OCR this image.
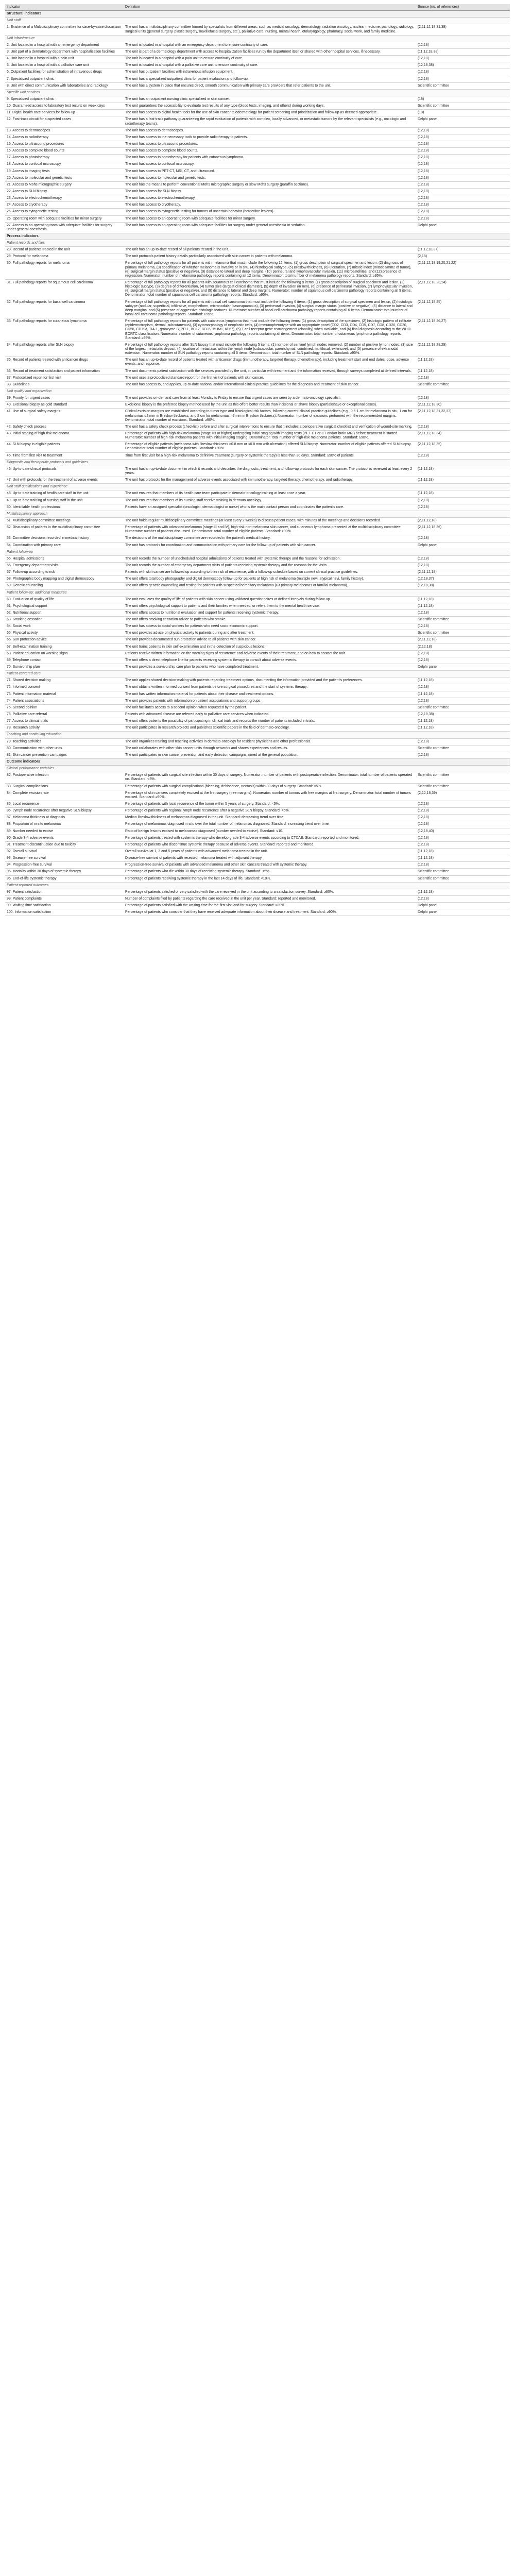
Indicator	Definition	Source (no. of references)
Structural indicators		
Unit staff		
1. Existence of a Multidisciplinary committee for case-by-case discussion	The unit has a multidisciplinary committee formed by specialists from different areas, such as medical oncology, dermatology, radiation oncology, nuclear medicine, pathology, radiology, surgical units (general surgery, plastic surgery, maxillofacial surgery, etc.), palliative care, nursing, mental health, otolaryngology, pharmacy, social work, and family medicine.	(2,11,12,18,31,38)
Unit infrastructure		
2. Unit located in a hospital with an emergency department	The unit is located in a hospital with an emergency department to ensure continuity of care.	(12,18)
3. Unit part of a dermatology department with hospitalization facilities	The unit is part of a dermatology department with access to hospitalization facilities run by the department itself or shared with other hospital services, if necessary.	(11,12,18,38)
4. Unit located in a hospital with a pain unit	The unit is located in a hospital with a pain unit to ensure continuity of care.	(12,18)
5. Unit located in a hospital with a palliative care unit	The unit is located in a hospital with a palliative care unit to ensure continuity of care.	(12,18,38)
6. Outpatient facilities for administration of intravenous drugs	The unit has outpatient facilities with intravenous infusion equipment.	(12,18)
7. Specialized outpatient clinic	The unit has a specialized outpatient clinic for patient evaluation and follow-up.	(12,18)
8. Unit with direct communication with laboratories and radiology	The unit has a system in place that ensures direct, smooth communication with primary care providers that refer patients to the unit.	Scientific committee
Specific unit services		
9. Specialized outpatient clinic	The unit has an outpatient nursing clinic specialized in skin cancer.	(18)
10. Guaranteed access to laboratory test results on week days	The unit guarantees the accessibility to evaluate test results of any type (blood tests, imaging, and others) during working days.	Scientific committee
11. Digital health care services for follow-up	The unit has access to digital health tools for the use of skin cancer teledermatology for patient screening and prioritization and follow-up as deemed appropriate.	(18)
12. Fast-track circuit for suspected cases	The unit has a fast-track pathway guaranteeing the rapid evaluation of patients with complex, locally advanced, or metastatic tumors by the relevant specialists (e.g., oncologic and radiotherapy teams).	Delphi panel
13. Access to dermoscopes	The unit has access to dermoscopes.	(12,18)
14. Access to radiotherapy	The unit has access to the necessary tools to provide radiotherapy to patients.	(12,18)
15. Access to ultrasound procedures	The unit has access to ultrasound procedures.	(12,18)
16. Access to complete blood counts	The unit has access to complete blood counts.	(12,18)
17. Access to phototherapy	The unit has access to phototherapy for patients with cutaneous lymphoma.	(12,18)
18. Access to confocal microscopy	The unit has access to confocal microscopy.	(12,18)
19. Access to imaging tests	The unit has access to PET-CT, MRI, CT, and ultrasound.	(12,18)
20. Access to molecular and genetic tests	The unit has access to molecular and genetic tests.	(12,18)
21. Access to Mohs micrographic surgery	The unit has the means to perform conventional Mohs micrographic surgery or slow Mohs surgery (paraffin sections).	(12,18)
22. Access to SLN biopsy	The unit has access for SLN biopsy.	(12,18)
23. Access to electrochemotherapy	The unit has access to electrochemotherapy.	(12,18)
24. Access to cryotherapy	The unit has access to cryotherapy.	(12,18)
25. Access to cytogenetic testing	The unit has access to cytogenetic testing for tumors of uncertain behavior (borderline lesions).	(12,18)
26. Operating room with adequate facilities for minor surgery	The unit has access to an operating room with adequate facilities for minor surgery.	(12,18)
27. Access to an operating room with adequate facilities for surgery under general anesthesia	The unit has access to an operating room with adequate facilities for surgery under general anesthesia or sedation.	Delphi panel
Process indicators		
Patient records and files		
28. Record of patients treated in the unit	The unit has an up-to-date record of all patients treated in the unit.	(11,12,18,37)
29. Protocol for melanoma	The unit protocols patient history details particularly associated with skin cancer in patients with melanoma.	(2,18)
30. Full pathology reports for melanoma	Percentage of full pathology reports for all patients with melanoma that must include the following 12 items: (1) gross description of surgical specimen and lesion, (2) diagnosis of primary melanoma, (3) specification of whether melanoma is invasive or in situ, (4) histological subtype, (5) Breslow thickness, (6) ulceration, (7) mitotic index (mitoses/mm2 of tumor), (8) surgical margin status (positive or negative), (9) distance to lateral and deep margins, (10) perineural and lymphovascular invasion, (11) microsatellites, and (12) presence of regression. Numerator: number of melanoma pathology reports containing all 12 items. Denominator: total number of melanoma pathology reports. Standard: ≥95%.	(2,11,12,18,19,20,21,22)
31. Full pathology reports for squamous cell carcinoma	Percentage of full pathology reports for all patients with squamous cell carcinoma that must include the following 9 items: (1) gross description of surgical specimen and lesion, (2) histologic subtype, (3) degree of differentiation, (4) tumor size (largest clinical diameter), (5) depth of invasion (in mm), (6) presence of perineural invasion, (7) lymphovascular invasion, (8) surgical margin status (positive or negative), and (9) distance to lateral and deep margins. Numerator: number of squamous cell carcinoma pathology reports containing all 9 items. Denominator: total number of squamous cell carcinoma pathology reports. Standard: ≥95%.	(2,11,12,18,23,24)
32. Full pathology reports for basal cell carcinoma	Percentage of full pathology reports for all patients with basal cell carcinoma that must include the following 6 items: (1) gross description of surgical specimen and lesion, (2) histologic subtype (nodular, superficial, infiltrative, morpheiform, micronodular, basosquamous), (3) perineural invasion, (4) surgical margin status (positive or negative), (5) distance to lateral and deep margins, and (6) presence of aggressive histologic features. Numerator: number of basal cell carcinoma pathology reports containing all 6 items. Denominator: total number of basal cell carcinoma pathology reports. Standard: ≥95%.	(2,11,12,18,25)
33. Full pathology reports for cutaneous lymphoma	Percentage of full pathology reports for patients with cutaneous lymphoma that must include the following items: (1) gross description of the specimen, (2) histologic pattern of infiltrate (epidermotropism, dermal, subcutaneous), (3) cytomorphology of neoplastic cells, (4) immunophenotype with an appropriate panel (CD2, CD3, CD4, CD5, CD7, CD8, CD20, CD30, CD56, CD79a, TIA-1, granzyme B, PD-1, BCL2, BCL6, MUM1, Ki-67), (5) T-cell receptor gene rearrangement (clonality) when available, and (6) final diagnosis according to the WHO-EORTC classification. Numerator: number of cutaneous lymphoma pathology reports containing all items. Denominator: total number of cutaneous lymphoma pathology reports. Standard: ≥95%.	(2,11,12,18,26,27)
34. Full pathology reports after SLN biopsy	Percentage of full pathology reports after SLN biopsy that must include the following 5 items: (1) number of sentinel lymph nodes removed, (2) number of positive lymph nodes, (3) size of the largest metastatic deposit, (4) location of metastasis within the lymph node (subcapsular, parenchymal, combined, multifocal, extensive), and (5) presence of extranodal extension. Numerator: number of SLN pathology reports containing all 5 items. Denominator: total number of SLN pathology reports. Standard: ≥95%.	(2,11,12,18,28,29)
35. Record of patients treated with anticancer drugs	The unit has an up-to-date record of patients treated with anticancer drugs (immunotherapy, targeted therapy, chemotherapy), including treatment start and end dates, dose, adverse events, and response.	(11,12,18)
36. Record of treatment satisfaction and patient information	The unit documents patient satisfaction with the services provided by the unit, in particular with treatment and the information received, through surveys completed at defined intervals.	(11,12,18)
37. Protocolized report for first visit	The unit uses a protocolized standard report for the first visit of patients with skin cancer.	(12,18)
38. Guidelines	The unit has access to, and applies, up-to-date national and/or international clinical practice guidelines for the diagnosis and treatment of skin cancer.	Scientific committee
Unit quality and organization		
39. Priority for urgent cases	The unit provides on-demand care from at least Monday to Friday to ensure that urgent cases are seen by a dermato-oncology specialist.	(12,18)
40. Excisional biopsy as gold standard	Excisional biopsy is the preferred biopsy method used by the unit as this offers better results than incisional or shave biopsy (partial/shave or exceptional cases).	(2,11,12,18,30)
41. Use of surgical safety margins	Clinical excision margins are established according to tumor type and histological risk factors, following current clinical practice guidelines (e.g., 0.5-1 cm for melanoma in situ, 1 cm for melanomas ≤2 mm in Breslow thickness, and 2 cm for melanomas >2 mm in Breslow thickness). Numerator: number of excisions performed with the recommended margins. Denominator: total number of excisions. Standard: ≥90%.	(2,11,12,18,31,32,33)
42. Safety check process	The unit has a safety check process (checklist) before and after surgical interventions to ensure that it includes a perioperative surgical checklist and verification of wound-site marking.	(12,18)
43. Initial staging of high-risk melanoma	Percentage of patients with high-risk melanoma (stage IIB or higher) undergoing initial staging with imaging tests (PET-CT or CT and/or brain MRI) before treatment is started. Numerator: number of high-risk melanoma patients with initial imaging staging. Denominator: total number of high-risk melanoma patients. Standard: ≥90%.	(2,11,12,18,34)
44. SLN biopsy in eligible patients	Percentage of eligible patients (melanoma with Breslow thickness >0.8 mm or ≤0.8 mm with ulceration) offered SLN biopsy. Numerator: number of eligible patients offered SLN biopsy. Denominator: total number of eligible patients. Standard: ≥90%.	(2,11,12,18,35)
45. Time from first visit to treatment	Time from first visit for a high-risk melanoma to definitive treatment (surgery or systemic therapy) is less than 30 days. Standard: ≥90% of patients.	(12,18)
Diagnostic and therapeutic protocols and guidelines		
46. Up-to-date clinical protocols	The unit has an up-to-date document in which it records and describes the diagnostic, treatment, and follow-up protocols for each skin cancer. The protocol is reviewed at least every 2 years.	(11,12,18)
47. Unit with protocols for the treatment of adverse events	The unit has protocols for the management of adverse events associated with immunotherapy, targeted therapy, chemotherapy, and radiotherapy.	(11,12,18)
Unit staff qualifications and experience		
48. Up-to-date training of health care staff in the unit	The unit ensures that members of its health care team participate in dermato-oncology training at least once a year.	(11,12,18)
49. Up-to-date training of nursing staff in the unit	The unit ensures that members of its nursing staff receive training in dermato-oncology.	(12,18)
50. Identifiable health professional	Patients have an assigned specialist (oncologist, dermatologist or nurse) who is the main contact person and coordinates the patient's care.	(12,18)
Multidisciplinary approach		
51. Multidisciplinary committee meetings	The unit holds regular multidisciplinary committee meetings (at least every 2 weeks) to discuss patient cases, with minutes of the meetings and decisions recorded.	(2,11,12,18)
52. Discussion of patients in the multidisciplinary committee	Percentage of patients with advanced melanoma (stage III and IV), high-risk non-melanoma skin cancer, and cutaneous lymphoma presented at the multidisciplinary committee. Numerator: number of patients discussed. Denominator: total number of eligible patients. Standard: ≥90%.	(2,11,12,18,36)
53. Committee decisions recorded in medical history	The decisions of the multidisciplinary committee are recorded in the patient's medical history.	(12,18)
54. Coordination with primary care	The unit has protocols for coordination and communication with primary care for the follow-up of patients with skin cancer.	Delphi panel
Patient follow-up		
55. Hospital admissions	The unit records the number of unscheduled hospital admissions of patients treated with systemic therapy and the reasons for admission.	(12,18)
56. Emergency department visits	The unit records the number of emergency department visits of patients receiving systemic therapy and the reasons for the visits.	(12,18)
57. Follow-up according to risk	Patients with skin cancer are followed up according to their risk of recurrence, with a follow-up schedule based on current clinical practice guidelines.	(2,11,12,18)
58. Photographic body mapping and digital dermoscopy	The unit offers total body photography and digital dermoscopy follow-up for patients at high risk of melanoma (multiple nevi, atypical nevi, family history).	(12,18,37)
59. Genetic counseling	The unit offers genetic counseling and testing for patients with suspected hereditary melanoma (≥3 primary melanomas or familial melanoma).	(12,18,38)
Patient follow-up: additional measures		
60. Evaluation of quality of life	The unit evaluates the quality of life of patients with skin cancer using validated questionnaires at defined intervals during follow-up.	(11,12,18)
61. Psychological support	The unit offers psychological support to patients and their families when needed, or refers them to the mental health service.	(11,12,18)
62. Nutritional support	The unit offers access to nutritional evaluation and support for patients receiving systemic therapy.	(12,18)
63. Smoking cessation	The unit offers smoking cessation advice to patients who smoke.	Scientific committee
64. Social work	The unit has access to social workers for patients who need socio-economic support.	(12,18)
65. Physical activity	The unit provides advice on physical activity to patients during and after treatment.	Scientific committee
66. Sun protection advice	The unit provides documented sun protection advice to all patients with skin cancer.	(2,11,12,18)
67. Self-examination training	The unit trains patients in skin self-examination and in the detection of suspicious lesions.	(2,12,18)
68. Patient education on warning signs	Patients receive written information on the warning signs of recurrence and adverse events of their treatment, and on how to contact the unit.	(12,18)
69. Telephone contact	The unit offers a direct telephone line for patients receiving systemic therapy to consult about adverse events.	(12,18)
70. Survivorship plan	The unit provides a survivorship care plan to patients who have completed treatment.	Delphi panel
Patient-centered care		
71. Shared decision making	The unit applies shared decision-making with patients regarding treatment options, documenting the information provided and the patient's preferences.	(11,12,18)
72. Informed consent	The unit obtains written informed consent from patients before surgical procedures and the start of systemic therapy.	(12,18)
73. Patient information material	The unit has written information material for patients about their disease and treatment options.	(11,12,18)
74. Patient associations	The unit provides patients with information on patient associations and support groups.	(12,18)
75. Second opinion	The unit facilitates access to a second opinion when requested by the patient.	Scientific committee
76. Palliative care referral	Patients with advanced disease are referred early to palliative care services when indicated.	(12,18,38)
77. Access to clinical trials	The unit offers patients the possibility of participating in clinical trials and records the number of patients included in trials.	(11,12,18)
78. Research activity	The unit participates in research projects and publishes scientific papers in the field of dermato-oncology.	(11,12,18)
Teaching and continuing education		
79. Teaching activities	The unit organizes training and teaching activities in dermato-oncology for resident physicians and other professionals.	(12,18)
80. Communication with other units	The unit collaborates with other skin cancer units through networks and shares experiences and results.	Scientific committee
81. Skin cancer prevention campaigns	The unit participates in skin cancer prevention and early detection campaigns aimed at the general population.	(12,18)
Outcome indicators		
Clinical performance variables		
82. Postoperative infection	Percentage of patients with surgical site infection within 30 days of surgery. Numerator: number of patients with postoperative infection. Denominator: total number of patients operated on. Standard: <5%.	Scientific committee
83. Surgical complications	Percentage of patients with surgical complications (bleeding, dehiscence, necrosis) within 30 days of surgery. Standard: <5%.	Scientific committee
84. Complete excision rate	Percentage of skin cancers completely excised at the first surgery (free margins). Numerator: number of tumors with free margins at first surgery. Denominator: total number of tumors excised. Standard: ≥90%.	(2,12,18,39)
85. Local recurrence	Percentage of patients with local recurrence of the tumor within 5 years of surgery. Standard: <5%.	(12,18)
86. Lymph node recurrence after negative SLN biopsy	Percentage of patients with regional lymph node recurrence after a negative SLN biopsy. Standard: <5%.	(12,18)
87. Melanoma thickness at diagnosis	Median Breslow thickness of melanomas diagnosed in the unit. Standard: decreasing trend over time.	(12,18)
88. Proportion of in situ melanoma	Percentage of melanomas diagnosed in situ over the total number of melanomas diagnosed. Standard: increasing trend over time.	(12,18)
89. Number needed to excise	Ratio of benign lesions excised to melanomas diagnosed (number needed to excise). Standard: ≤10.	(12,18,40)
90. Grade 3-4 adverse events	Percentage of patients treated with systemic therapy who develop grade 3-4 adverse events according to CTCAE. Standard: reported and monitored.	(12,18)
91. Treatment discontinuation due to toxicity	Percentage of patients who discontinue systemic therapy because of adverse events. Standard: reported and monitored.	(12,18)
92. Overall survival	Overall survival at 1, 3 and 5 years of patients with advanced melanoma treated in the unit.	(11,12,18)
93. Disease-free survival	Disease-free survival of patients with resected melanoma treated with adjuvant therapy.	(11,12,18)
94. Progression-free survival	Progression-free survival of patients with advanced melanoma and other skin cancers treated with systemic therapy.	(12,18)
95. Mortality within 30 days of systemic therapy	Percentage of patients who die within 30 days of receiving systemic therapy. Standard: <5%.	Scientific committee
96. End-of-life systemic therapy	Percentage of patients receiving systemic therapy in the last 14 days of life. Standard: <10%.	Scientific committee
Patient-reported outcomes		
97. Patient satisfaction	Percentage of patients satisfied or very satisfied with the care received in the unit according to a satisfaction survey. Standard: ≥80%.	(11,12,18)
98. Patient complaints	Number of complaints filed by patients regarding the care received in the unit per year. Standard: reported and monitored.	(12,18)
99. Waiting time satisfaction	Percentage of patients satisfied with the waiting time for the first visit and for surgery. Standard: ≥80%.	Delphi panel
100. Information satisfaction	Percentage of patients who consider that they have received adequate information about their disease and treatment. Standard: ≥90%.	Delphi panel
